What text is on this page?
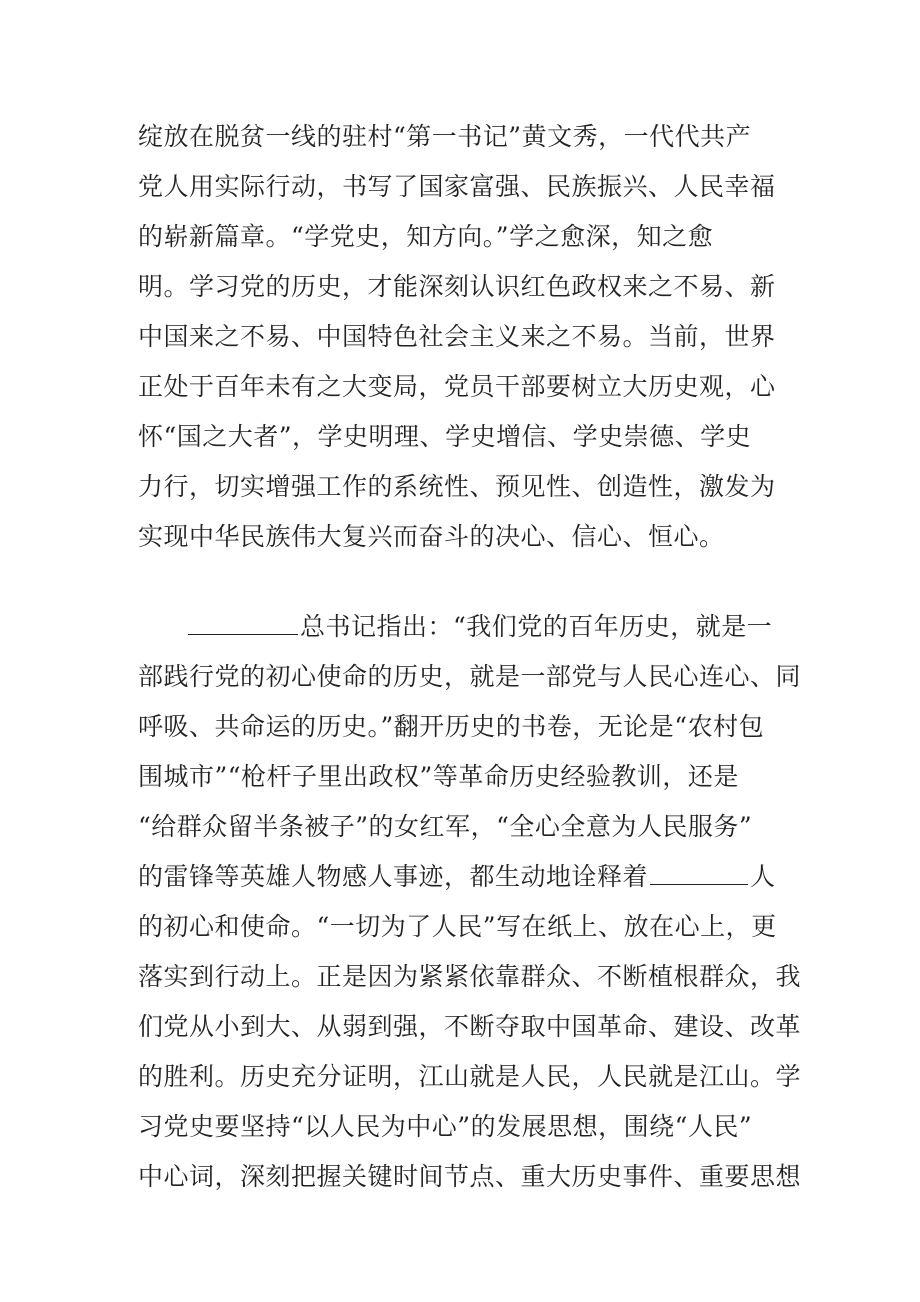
绽放在脱贫一线的驻村“第一书记”黄文秀，一代代共产
党人用实际行动，书写了国家富强、民族振兴、人民幸福
的崭新篇章。“学党史，知方向。”学之愈深，知之愈
明。学习党的历史，才能深刻认识红色政权来之不易、新
中国来之不易、中国特色社会主义来之不易。当前，世界
正处于百年未有之大变局，党员干部要树立大历史观，心
怀“国之大者”，学史明理、学史增信、学史崇德、学史
力行，切实增强工作的系统性、预见性、创造性，激发为
实现中华民族伟大复兴而奋斗的决心、信心、恒心。
总书记指出：“我们党的百年历史，就是一
部践行党的初心使命的历史，就是一部党与人民心连心、同
呼吸、共命运的历史。”翻开历史的书卷，无论是“农村包
围城市”“枪杆子里出政权”等革命历史经验教训，还是
“给群众留半条被子”的女红军，“全心全意为人民服务”
的雷锋等英雄人物感人事迹，都生动地诠释着	人
的初心和使命。“一切为了人民”写在纸上、放在心上，更
落实到行动上。正是因为紧紧依靠群众、不断植根群众，我
们党从小到大、从弱到强，不断夺取中国革命、建设、改革
的胜利。历史充分证明，江山就是人民，人民就是江山。学
习党史要坚持“以人民为中心”的发展思想，围绕“人民”
中心词，深刻把握关键时间节点、重大历史事件、重要思想
